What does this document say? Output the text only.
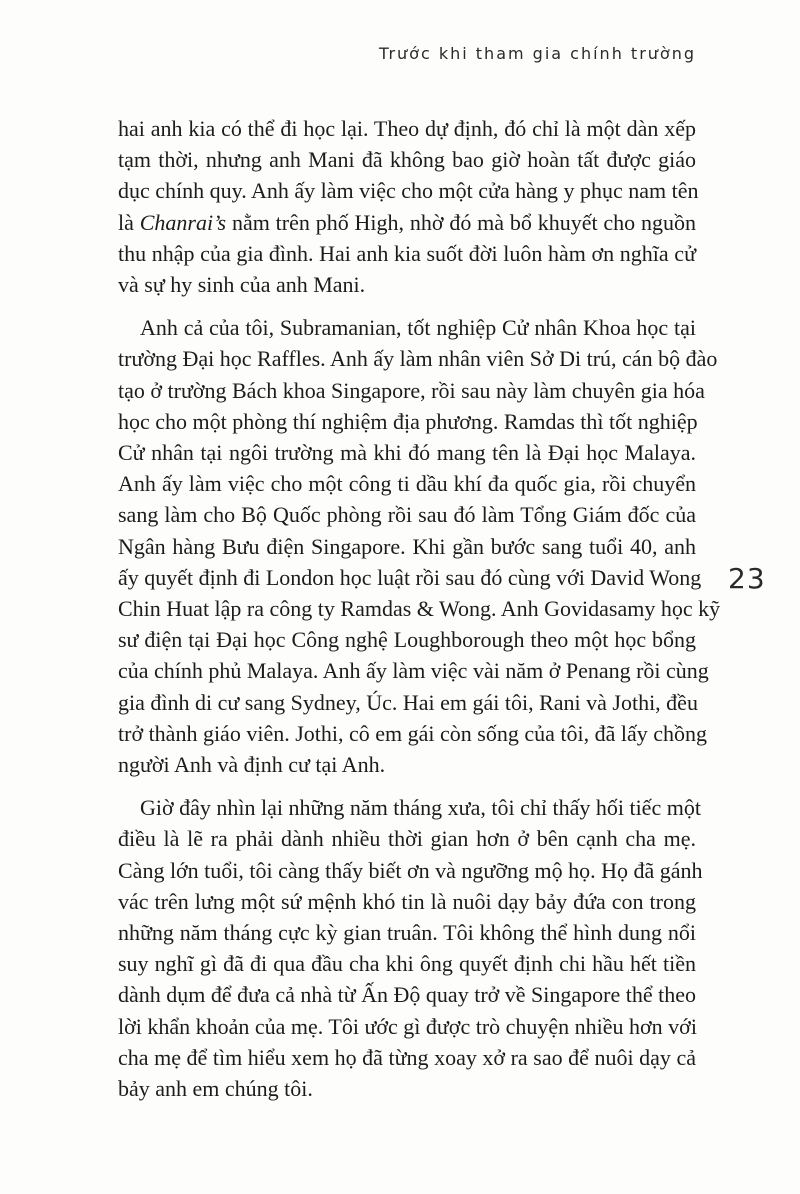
Trước khi tham gia chính trường
23
hai anh kia có thể đi học lại. Theo dự định, đó chỉ là một dàn xếp
tạm thời, nhưng anh Mani đã không bao giờ hoàn tất được giáo
dục chính quy. Anh ấy làm việc cho một cửa hàng y phục nam tên
là Chanrai’s nằm trên phố High, nhờ đó mà bổ khuyết cho nguồn
thu nhập của gia đình. Hai anh kia suốt đời luôn hàm ơn nghĩa cử
và sự hy sinh của anh Mani.
Anh cả của tôi, Subramanian, tốt nghiệp Cử nhân Khoa học tại
trường Đại học Raffles. Anh ấy làm nhân viên Sở Di trú, cán bộ đào
tạo ở trường Bách khoa Singapore, rồi sau này làm chuyên gia hóa
học cho một phòng thí nghiệm địa phương. Ramdas thì tốt nghiệp
Cử nhân tại ngôi trường mà khi đó mang tên là Đại học Malaya.
Anh ấy làm việc cho một công ti dầu khí đa quốc gia, rồi chuyển
sang làm cho Bộ Quốc phòng rồi sau đó làm Tổng Giám đốc của
Ngân hàng Bưu điện Singapore. Khi gần bước sang tuổi 40, anh
ấy quyết định đi London học luật rồi sau đó cùng với David Wong
Chin Huat lập ra công ty Ramdas & Wong. Anh Govidasamy học kỹ
sư điện tại Đại học Công nghệ Loughborough theo một học bổng
của chính phủ Malaya. Anh ấy làm việc vài năm ở Penang rồi cùng
gia đình di cư sang Sydney, Úc. Hai em gái tôi, Rani và Jothi, đều
trở thành giáo viên. Jothi, cô em gái còn sống của tôi, đã lấy chồng
người Anh và định cư tại Anh.
Giờ đây nhìn lại những năm tháng xưa, tôi chỉ thấy hối tiếc một
điều là lẽ ra phải dành nhiều thời gian hơn ở bên cạnh cha mẹ.
Càng lớn tuổi, tôi càng thấy biết ơn và ngưỡng mộ họ. Họ đã gánh
vác trên lưng một sứ mệnh khó tin là nuôi dạy bảy đứa con trong
những năm tháng cực kỳ gian truân. Tôi không thể hình dung nổi
suy nghĩ gì đã đi qua đầu cha khi ông quyết định chi hầu hết tiền
dành dụm để đưa cả nhà từ Ấn Độ quay trở về Singapore thể theo
lời khẩn khoản của mẹ. Tôi ước gì được trò chuyện nhiều hơn với
cha mẹ để tìm hiểu xem họ đã từng xoay xở ra sao để nuôi dạy cả
bảy anh em chúng tôi.
